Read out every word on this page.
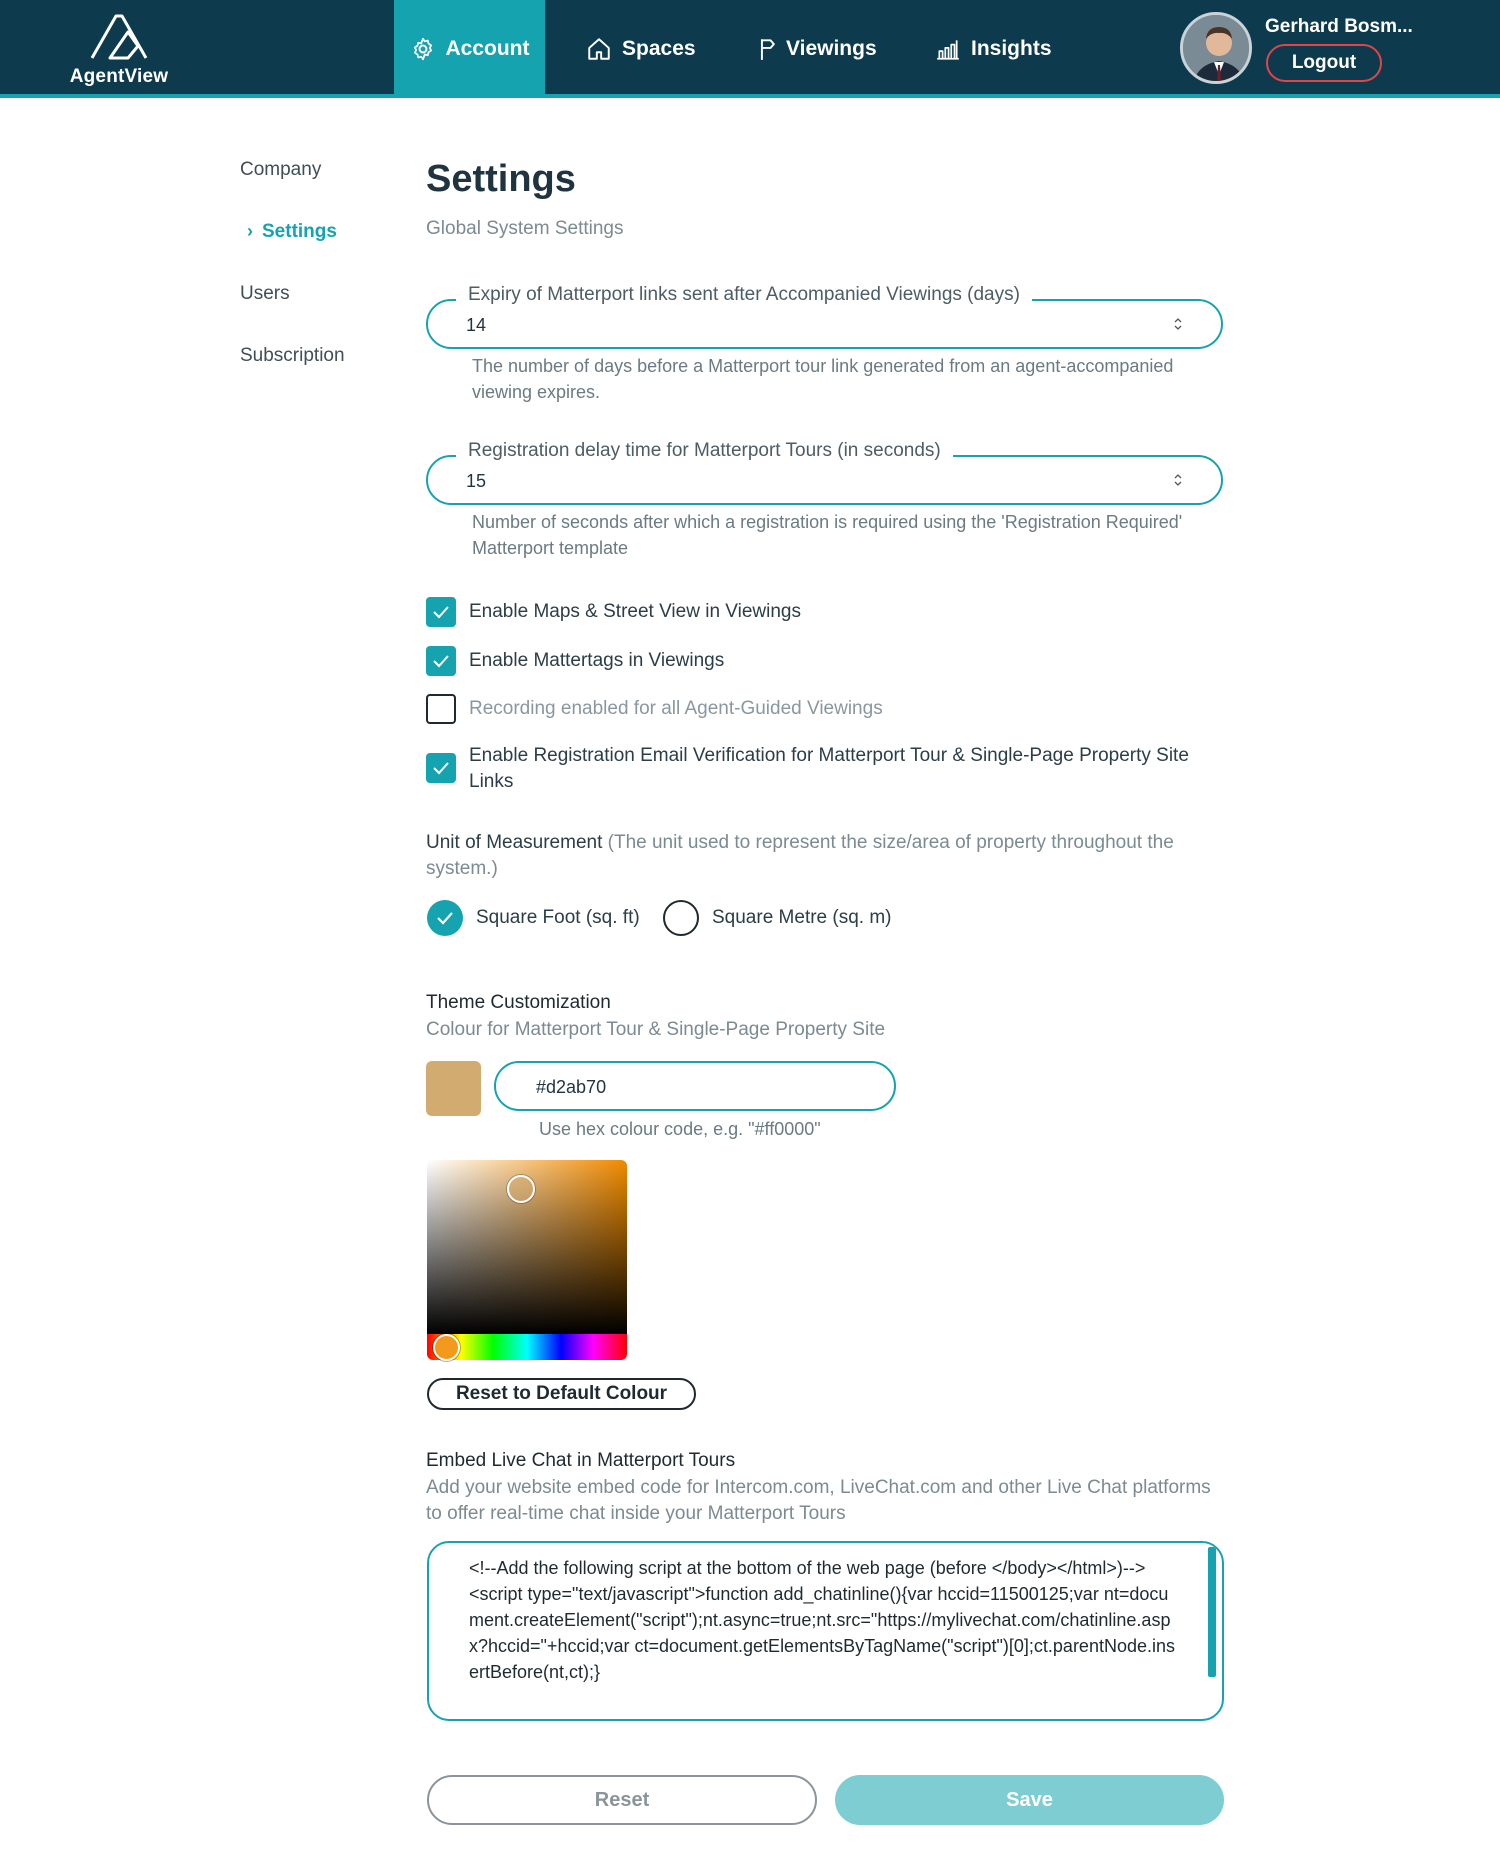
AgentView
Account	Spaces	Viewings	Insights
Gerhard Bosm...
Logout
Company
› Settings
Users
Subscription
Settings
Global System Settings
Expiry of Matterport links sent after Accompanied Viewings (days)
14
The number of days before a Matterport tour link generated from an agent-accompanied viewing expires.
Registration delay time for Matterport Tours (in seconds)
15
Number of seconds after which a registration is required using the 'Registration Required' Matterport template
Enable Maps & Street View in Viewings
Enable Mattertags in Viewings
Recording enabled for all Agent-Guided Viewings
Enable Registration Email Verification for Matterport Tour & Single-Page Property Site Links
Unit of Measurement (The unit used to represent the size/area of property throughout the system.)
Square Foot (sq. ft)	Square Metre (sq. m)
Theme Customization
Colour for Matterport Tour & Single-Page Property Site
#d2ab70
Use hex colour code, e.g. "#ff0000"
Reset to Default Colour
Embed Live Chat in Matterport Tours
Add your website embed code for Intercom.com, LiveChat.com and other Live Chat platforms to offer real-time chat inside your Matterport Tours
<!--Add the following script at the bottom of the web page (before </body></html>)-->
<script type="text/javascript">function add_chatinline(){var hccid=11500125;var nt=document.createElement("script");nt.async=true;nt.src="https://mylivechat.com/chatinline.aspx?hccid="+hccid;var ct=document.getElementsByTagName("script")[0];ct.parentNode.insertBefore(nt,ct);}
Reset	Save
